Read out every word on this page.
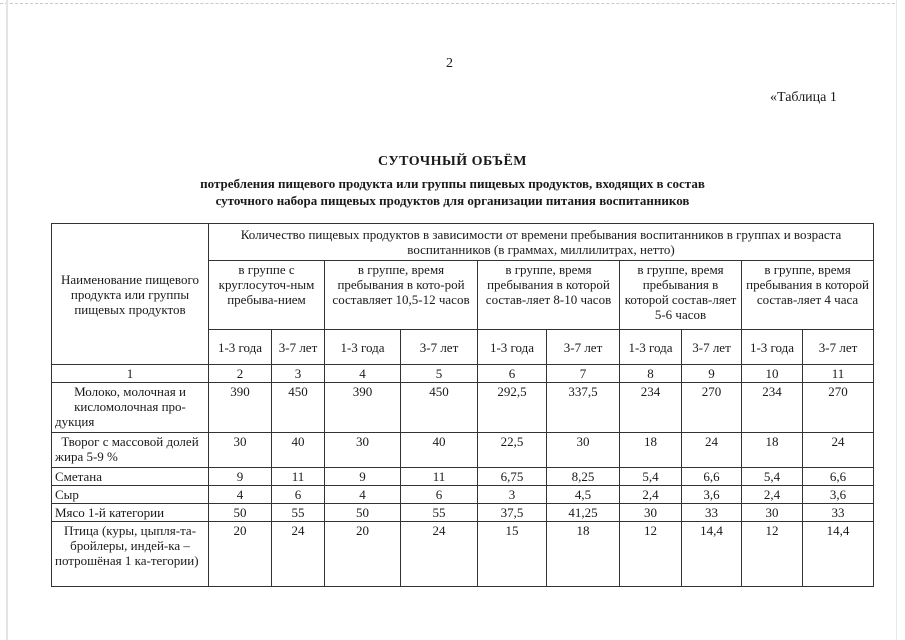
2
«Таблица 1
СУТОЧНЫЙ ОБЪЁМ
потребления пищевого продукта или группы пищевых продуктов, входящих в состав
суточного набора пищевых продуктов для организации питания воспитанников
Наименование пищевого продукта или группы пищевых продуктов	Количество пищевых продуктов в зависимости от времени пребывания воспитанников в группах и возраста воспитанников (в граммах, миллилитрах, нетто)									
	в группе с круглосуточ-ным пребыва-нием		в группе, время пребывания в кото-рой составляет 10,5-12 часов		в группе, время пребывания в которой состав-ляет 8-10 часов		в группе, время пребывания в которой состав-ляет 5-6 часов		в группе, время пребывания в которой состав-ляет 4 часа	
	1-3 года	3-7 лет	1-3 года	3-7 лет	1-3 года	3-7 лет	1-3 года	3-7 лет	1-3 года	3-7 лет
1	2	3	4	5	6	7	8	9	10	11
Молоко, молочная и кисломолочная про-дукция	390	450	390	450	292,5	337,5	234	270	234	270
Творог с массовой долей жира 5-9 %	30	40	30	40	22,5	30	18	24	18	24
Сметана	9	11	9	11	6,75	8,25	5,4	6,6	5,4	6,6
Сыр	4	6	4	6	3	4,5	2,4	3,6	2,4	3,6
Мясо 1-й категории	50	55	50	55	37,5	41,25	30	33	30	33
Птица (куры, цыпля-та-бройлеры, индей-ка – потрошёная 1 ка-тегории)	20	24	20	24	15	18	12	14,4	12	14,4
